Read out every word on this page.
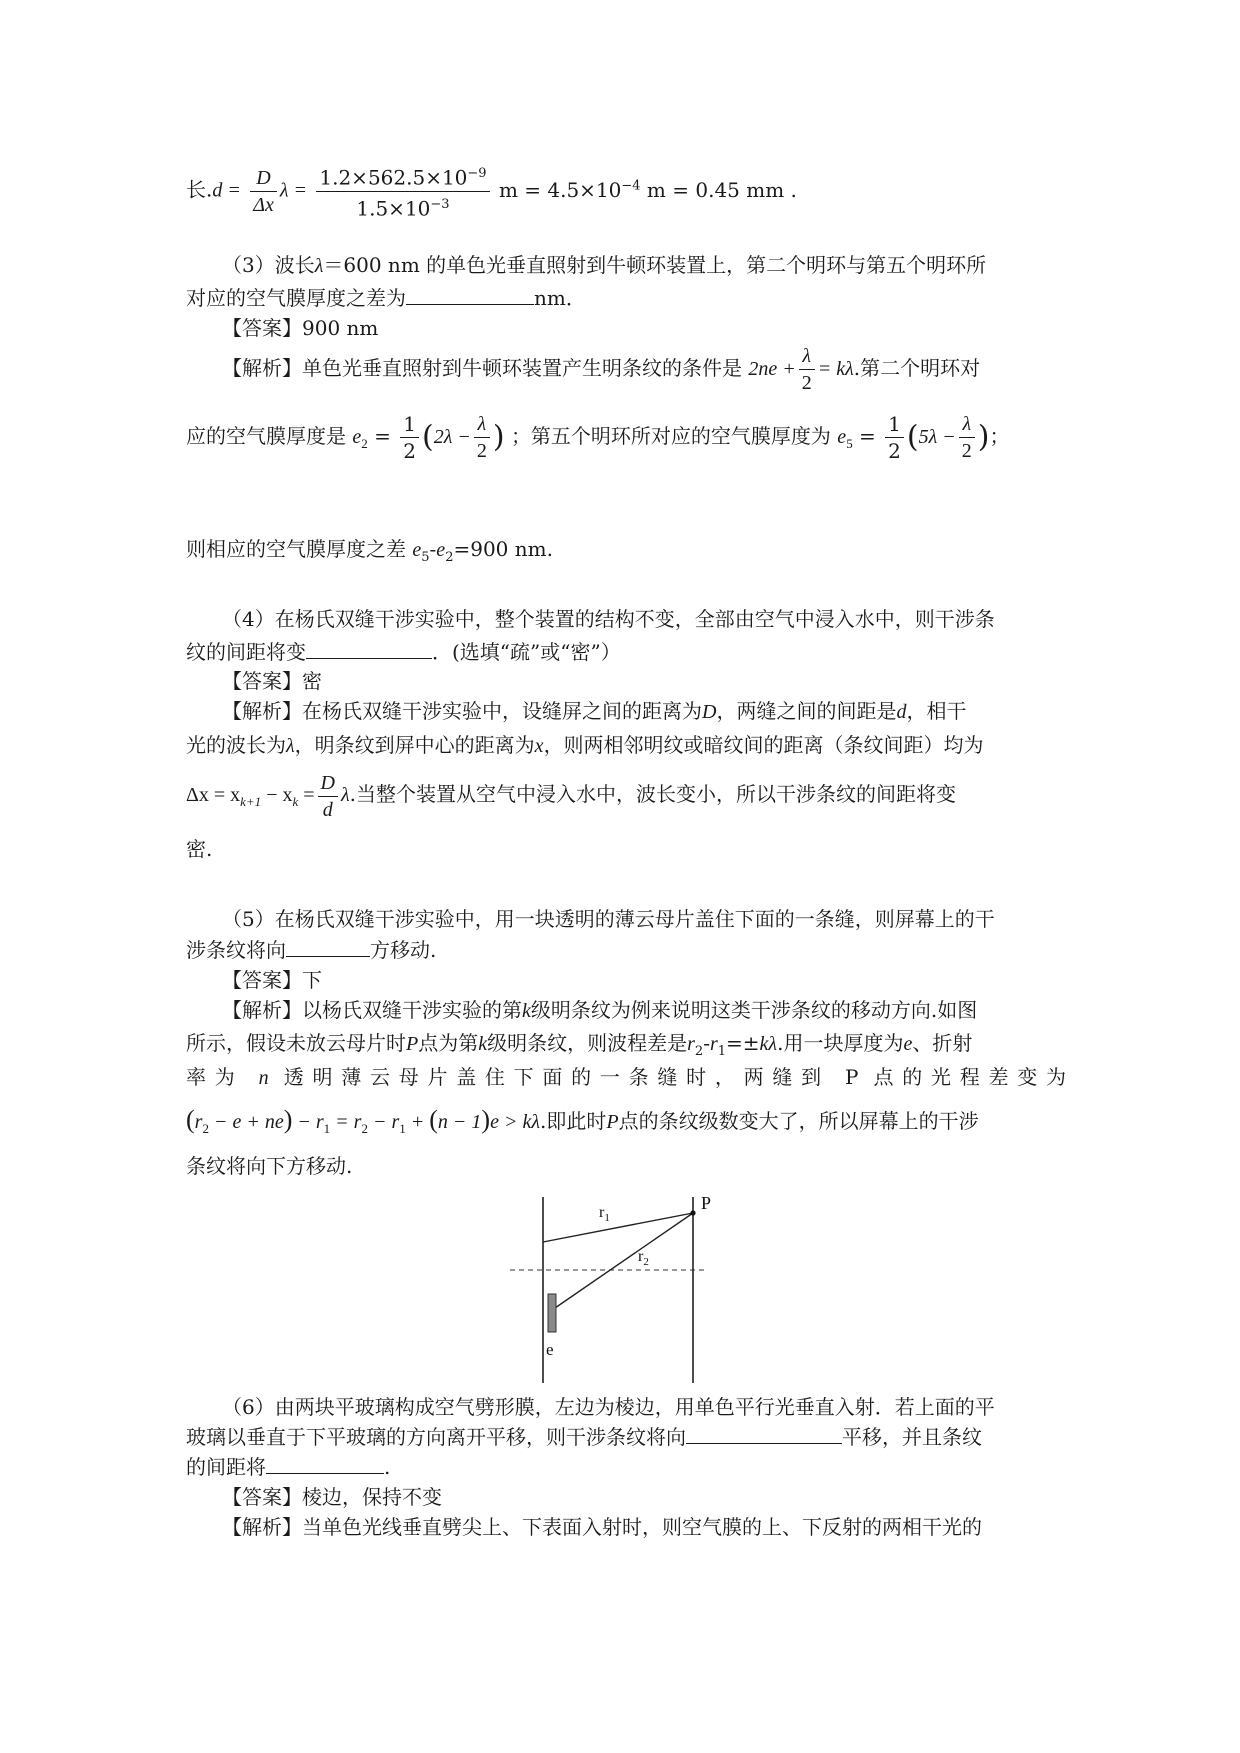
长$.d = \frac{D}{\Delta x}$ $\lambda = \frac{1.2\times 562.5\times 10^{-9}}{1.5\times 10^{-3}}$ $m = 4.5\times 10^{-4}$ m = 0.45 mm .
（3）波长λ＝600 nm 的单色光垂直照射到牛顿环装置上，第二个明环与第五个明环所
对应的空气膜厚度之差为	nm．
【答案】900 nm
【解析】单色光垂直照射到牛顿环装置产生明条纹的条件是 $2ne + \frac{\lambda}{2} = k\lambda$.第二个明环对
应的空气膜厚度是 $e_2 = \frac{1}{2} (2\lambda - \frac{\lambda}{2}$ ) ；第五个明环所对应的空气膜厚度为 $e_5 = \frac{1}{2} (5\lambda - \frac{\lambda}{2}$ )；
则相应的空气膜厚度之差 $e_5-e_2=900$ nm.
（4）在杨氏双缝干涉实验中，整个装置的结构不变，全部由空气中浸入水中，则干涉条
纹的间距将变	．(选填“疏”或“密”）
【答案】密
【解析】在杨氏双缝干涉实验中，设缝屏之间的距离为D，两缝之间的间距是d，相干
光的波长为λ，明条纹到屏中心的距离为x，则两相邻明纹或暗纹间的距离（条纹间距）均为
$\Delta x = x_{k+1} - x_k = \frac{D}{d} \lambda$.当整个装置从空气中浸入水中，波长变小，所以干涉条纹的间距将变
密.
（5）在杨氏双缝干涉实验中，用一块透明的薄云母片盖住下面的一条缝，则屏幕上的干
涉条纹将向	方移动.
【答案】下
【解析】以杨氏双缝干涉实验的第k级明条纹为例来说明这类干涉条纹的移动方向.如图
所示，假设未放云母片时P点为第k级明条纹，则波程差是$r_2-r_1=\pm k\lambda$.用一块厚度为e、折射
率为 n 透明薄云母片盖住下面的一条缝时，两缝到 P 点的光程差变为
$(r_2 - e + ne) - r_1 = r_2 - r_1 + (n - 1)e > k\lambda$.即此时P点的条纹级数变大了，所以屏幕上的干涉
条纹将向下方移动.
$r_1$
$r_2$
P
e
（6）由两块平玻璃构成空气劈形膜，左边为棱边，用单色平行光垂直入射．若上面的平
玻璃以垂直于下平玻璃的方向离开平移，则干涉条纹将向	平移，并且条纹
的间距将	.
【答案】棱边，保持不变
【解析】当单色光线垂直劈尖上、下表面入射时，则空气膜的上、下反射的两相干光的
